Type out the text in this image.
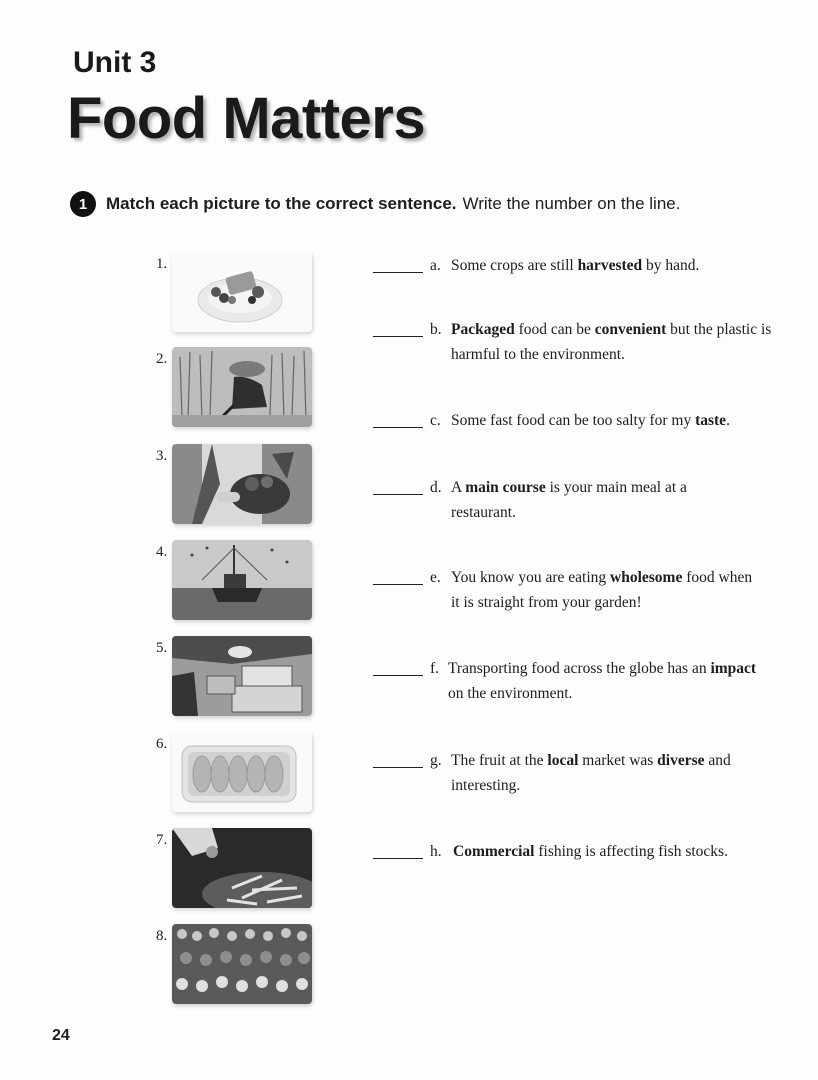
Unit 3
Food Matters
1	Match each picture to the correct sentence. Write the number on the line.
1.
2.
3.
4.
5.
6.
7.
8.
a. Some crops are still harvested by hand.
b. Packaged food can be convenient but the plastic is harmful to the environment.
c. Some fast food can be too salty for my taste.
d. A main course is your main meal at a restaurant.
e. You know you are eating wholesome food when it is straight from your garden!
f. Transporting food across the globe has an impact on the environment.
g. The fruit at the local market was diverse and interesting.
h. Commercial fishing is affecting fish stocks.
24
